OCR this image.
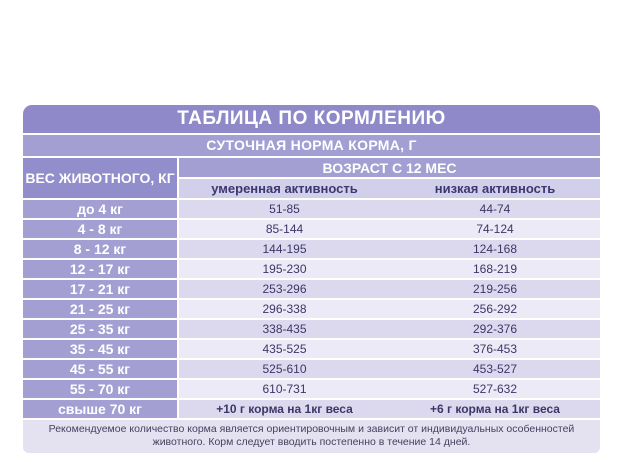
ТАБЛИЦА ПО КОРМЛЕНИЮ
СУТОЧНАЯ НОРМА КОРМА, Г
ВЕС ЖИВОТНОГО, КГ	ВОЗРАСТ С 12 МЕС	
	умеренная активность	низкая активность
до 4 кг	51-85	44-74
4 - 8 кг	85-144	74-124
8 - 12 кг	144-195	124-168
12 - 17 кг	195-230	168-219
17 - 21 кг	253-296	219-256
21 - 25 кг	296-338	256-292
25 - 35 кг	338-435	292-376
35 - 45 кг	435-525	376-453
45 - 55 кг	525-610	453-527
55 - 70 кг	610-731	527-632
свыше 70 кг	+10 г корма на 1кг веса	+6 г корма на 1кг веса
Рекомендуемое количество корма является ориентировочным и зависит от индивидуальных особенностей животного. Корм следует вводить постепенно в течение 14 дней.
